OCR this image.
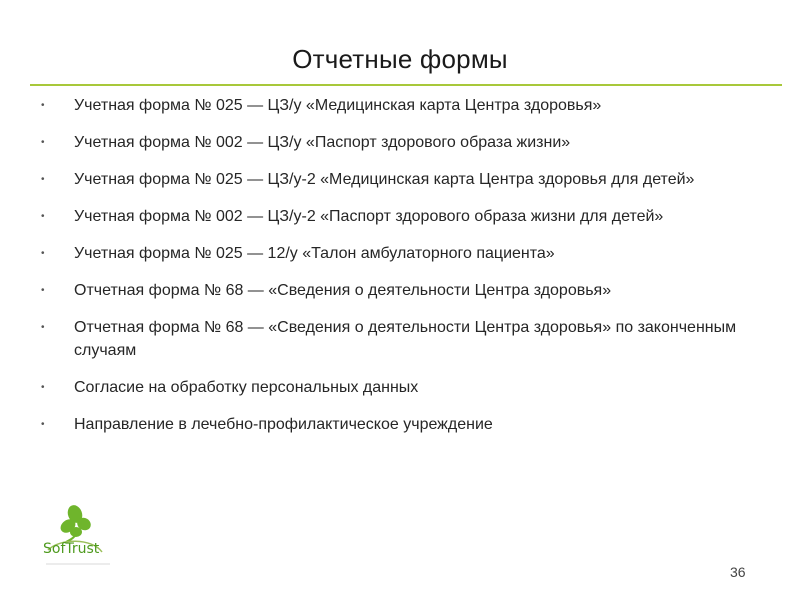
Отчетные формы
• Учетная форма № 025 — ЦЗ/у «Медицинская карта Центра здоровья»
• Учетная форма № 002 — ЦЗ/у «Паспорт здорового образа жизни»
• Учетная форма № 025 — ЦЗ/у-2 «Медицинская карта Центра здоровья для детей»
• Учетная форма № 002 — ЦЗ/у-2 «Паспорт здорового образа жизни для детей»
• Учетная форма № 025 — 12/у «Талон амбулаторного пациента»
• Отчетная форма № 68 — «Сведения о деятельности Центра здоровья»
• Отчетная форма № 68 — «Сведения о деятельности Центра здоровья» по законченным случаям
• Согласие на обработку персональных данных
• Направление в лечебно-профилактическое учреждение
SofTrust
36
